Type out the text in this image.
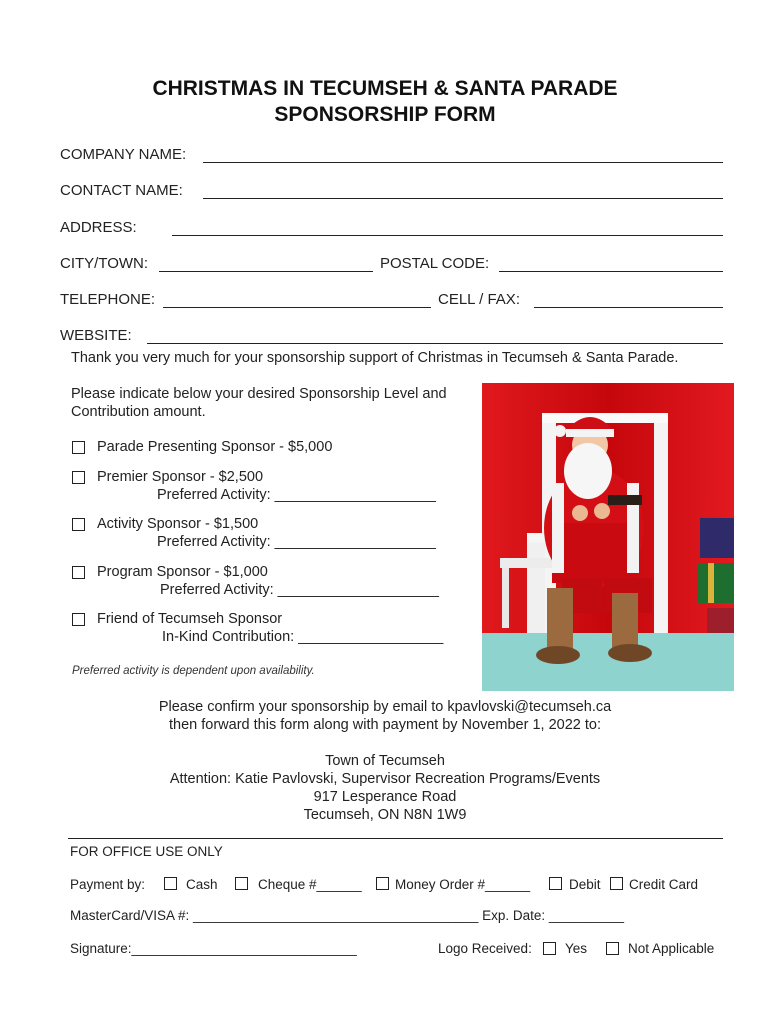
CHRISTMAS IN TECUMSEH & SANTA PARADE
SPONSORSHIP FORM
COMPANY NAME:
CONTACT NAME:
ADDRESS:
CITY/TOWN:	POSTAL CODE:
TELEPHONE:	CELL / FAX:
WEBSITE:
Thank you very much for your sponsorship support of Christmas in Tecumseh & Santa Parade.
Please indicate below your desired Sponsorship Level and
Contribution amount.
Parade Presenting Sponsor - $5,000
Premier Sponsor - $2,500
Preferred Activity: ____________________
Activity Sponsor - $1,500
Preferred Activity: ____________________
Program Sponsor - $1,000
Preferred Activity: ____________________
Friend of Tecumseh Sponsor
In-Kind Contribution: __________________
Preferred activity is dependent upon availability.
Please confirm your sponsorship by email to kpavlovski@tecumseh.ca
then forward this form along with payment by November 1, 2022 to:
Town of Tecumseh
Attention: Katie Pavlovski, Supervisor Recreation Programs/Events
917 Lesperance Road
Tecumseh, ON N8N 1W9
FOR OFFICE USE ONLY
Payment by:	Cash	Cheque #______ Money Order #______	Debit Credit Card
MasterCard/VISA #: ______________________________________ Exp. Date: __________
Signature:______________________________	Logo Received: Yes	Not Applicable
